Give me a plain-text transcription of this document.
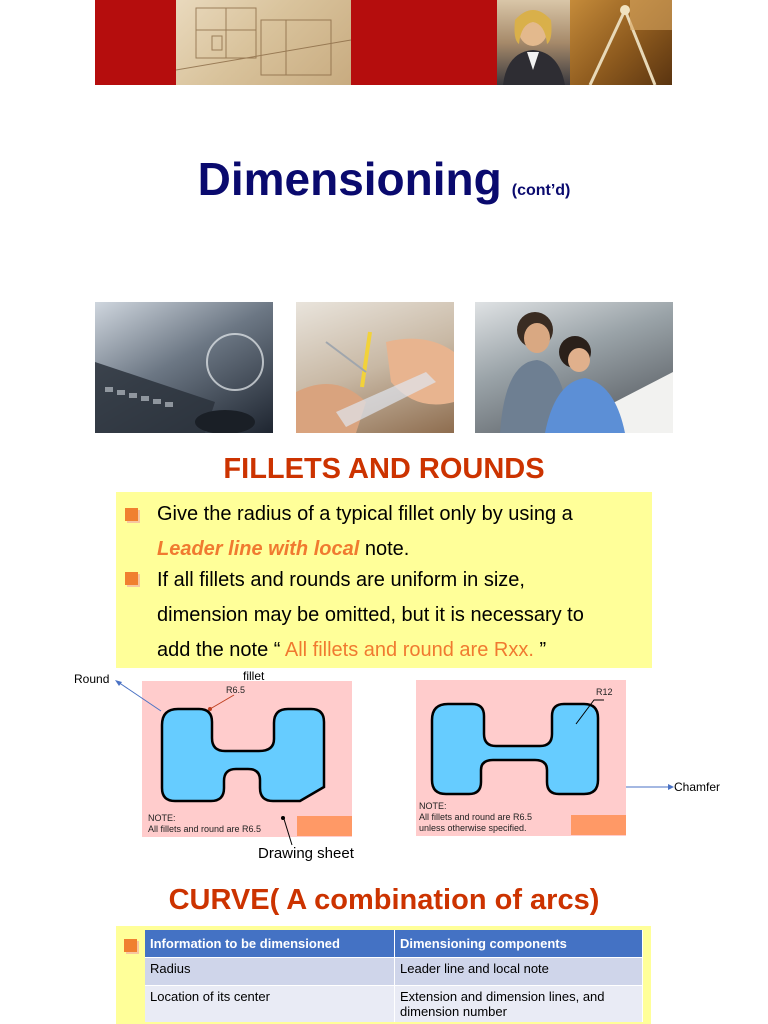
Dimensioning (cont’d)
FILLETS AND ROUNDS
Give the radius of a typical fillet only by using a
Leader line with local note.
If all fillets and rounds are uniform in size,
dimension may be omitted, but it is necessary to
add the note “ All fillets and round are Rxx. ”
R6.5
NOTE:
All fillets and round are R6.5
Round	fillet
Drawing sheet
R12
NOTE:
All fillets and round are R6.5
unless otherwise specified.
Chamfer
CURVE( A combination of arcs)
Information to be dimensioned	Dimensioning components
Radius	Leader line and local note
Location of its center	Extension and dimension lines, and dimension number
